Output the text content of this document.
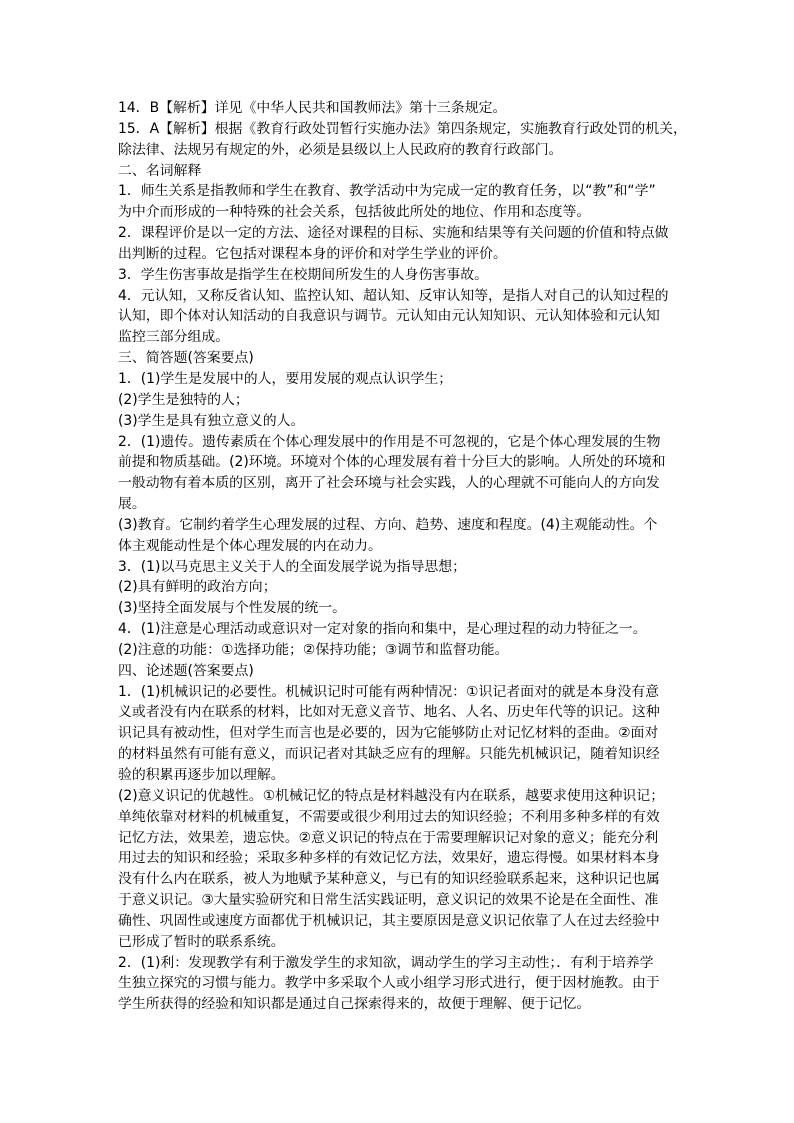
14．B【解析】详见《中华人民共和国教师法》第十三条规定。
15．A【解析】根据《教育行政处罚暂行实施办法》第四条规定，实施教育行政处罚的机关，
除法律、法规另有规定的外，必须是县级以上人民政府的教育行政部门。
二、名词解释
1．师生关系是指教师和学生在教育、教学活动中为完成一定的教育任务，以“教”和“学”
为中介而形成的一种特殊的社会关系，包括彼此所处的地位、作用和态度等。
2．课程评价是以一定的方法、途径对课程的目标、实施和结果等有关问题的价值和特点做
出判断的过程。它包括对课程本身的评价和对学生学业的评价。
3．学生伤害事故是指学生在校期间所发生的人身伤害事故。
4．元认知，又称反省认知、监控认知、超认知、反审认知等，是指人对自己的认知过程的
认知，即个体对认知活动的自我意识与调节。元认知由元认知知识、元认知体验和元认知
监控三部分组成。
三、简答题(答案要点)
1．(1)学生是发展中的人，要用发展的观点认识学生；
(2)学生是独特的人；
(3)学生是具有独立意义的人。
2．(1)遗传。遗传素质在个体心理发展中的作用是不可忽视的，它是个体心理发展的生物
前提和物质基础。(2)环境。环境对个体的心理发展有着十分巨大的影响。人所处的环境和
一般动物有着本质的区别，离开了社会环境与社会实践，人的心理就不可能向人的方向发
展。
(3)教育。它制约着学生心理发展的过程、方向、趋势、速度和程度。(4)主观能动性。个
体主观能动性是个体心理发展的内在动力。
3．(1)以马克思主义关于人的全面发展学说为指导思想；
(2)具有鲜明的政治方向；
(3)坚持全面发展与个性发展的统一。
4．(1)注意是心理活动或意识对一定对象的指向和集中，是心理过程的动力特征之一。
(2)注意的功能：①选择功能；②保持功能；③调节和监督功能。
四、论述题(答案要点)
1．(1)机械识记的必要性。机械识记时可能有两种情况：①识记者面对的就是本身没有意
义或者没有内在联系的材料，比如对无意义音节、地名、人名、历史年代等的识记。这种
识记具有被动性，但对学生而言也是必要的，因为它能够防止对记忆材料的歪曲。②面对
的材料虽然有可能有意义，而识记者对其缺乏应有的理解。只能先机械识记，随着知识经
验的积累再逐步加以理解。
(2)意义识记的优越性。①机械记忆的特点是材料越没有内在联系，越要求使用这种识记；
单纯依靠对材料的机械重复，不需要或很少利用过去的知识经验；不利用多种多样的有效
记忆方法，效果差，遗忘快。②意义识记的特点在于需要理解识记对象的意义；能充分利
用过去的知识和经验；采取多种多样的有效记忆方法，效果好，遗忘得慢。如果材料本身
没有什么内在联系，被人为地赋予某种意义，与已有的知识经验联系起来，这种识记也属
于意义识记。③大量实验研究和日常生活实践证明，意义识记的效果不论是在全面性、准
确性、巩固性或速度方面都优于机械识记，其主要原因是意义识记依靠了人在过去经验中
已形成了暂时的联系系统。
2．(1)利：发现教学有利于激发学生的求知欲，调动学生的学习主动性；．有利于培养学
生独立探究的习惯与能力。教学中多采取个人或小组学习形式进行，便于因材施教。由于
学生所获得的经验和知识都是通过自己探索得来的，故便于理解、便于记忆。
